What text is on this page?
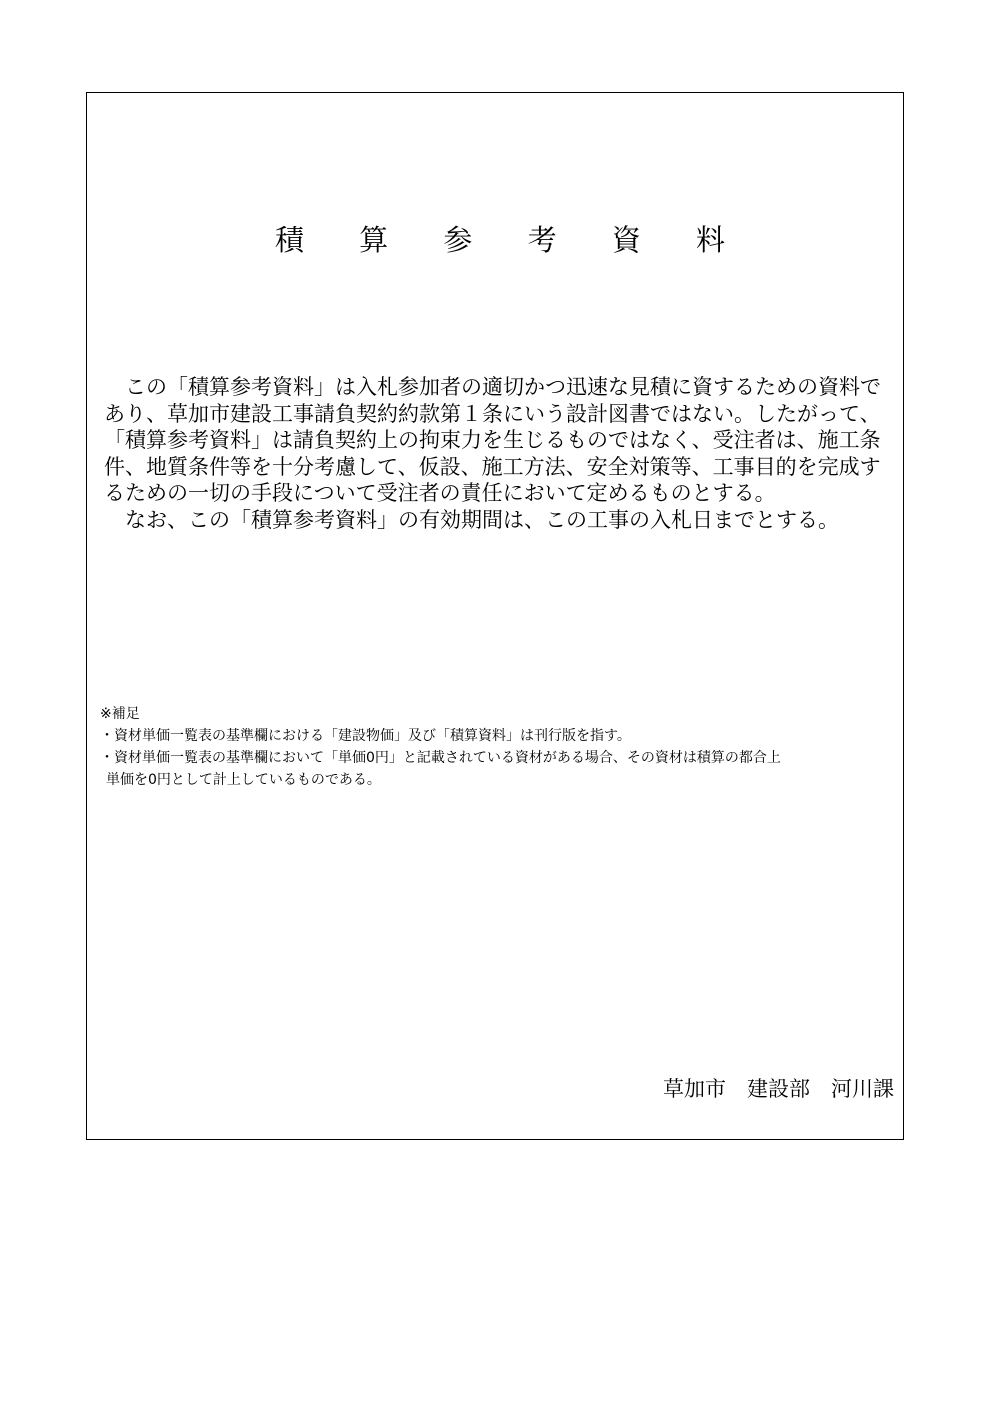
積 算 参 考 資 料

　この「積算参考資料」は入札参加者の適切かつ迅速な見積に資するための資料で

あり、草加市建設工事請負契約約款第１条にいう設計図書ではない。したがって、

「積算参考資料」は請負契約上の拘束力を生じるものではなく、受注者は、施工条

件、地質条件等を十分考慮して、仮設、施工方法、安全対策等、工事目的を完成す

るための一切の手段について受注者の責任において定めるものとする。

　なお、この「積算参考資料」の有効期間は、この工事の入札日までとする。

※補足

・資材単価一覧表の基準欄における「建設物価」及び「積算資料」は刊行版を指す。

・資材単価一覧表の基準欄において「単価0円」と記載されている資材がある場合、その資材は積算の都合上

単価を0円として計上しているものである。

草加市　建設部　河川課
